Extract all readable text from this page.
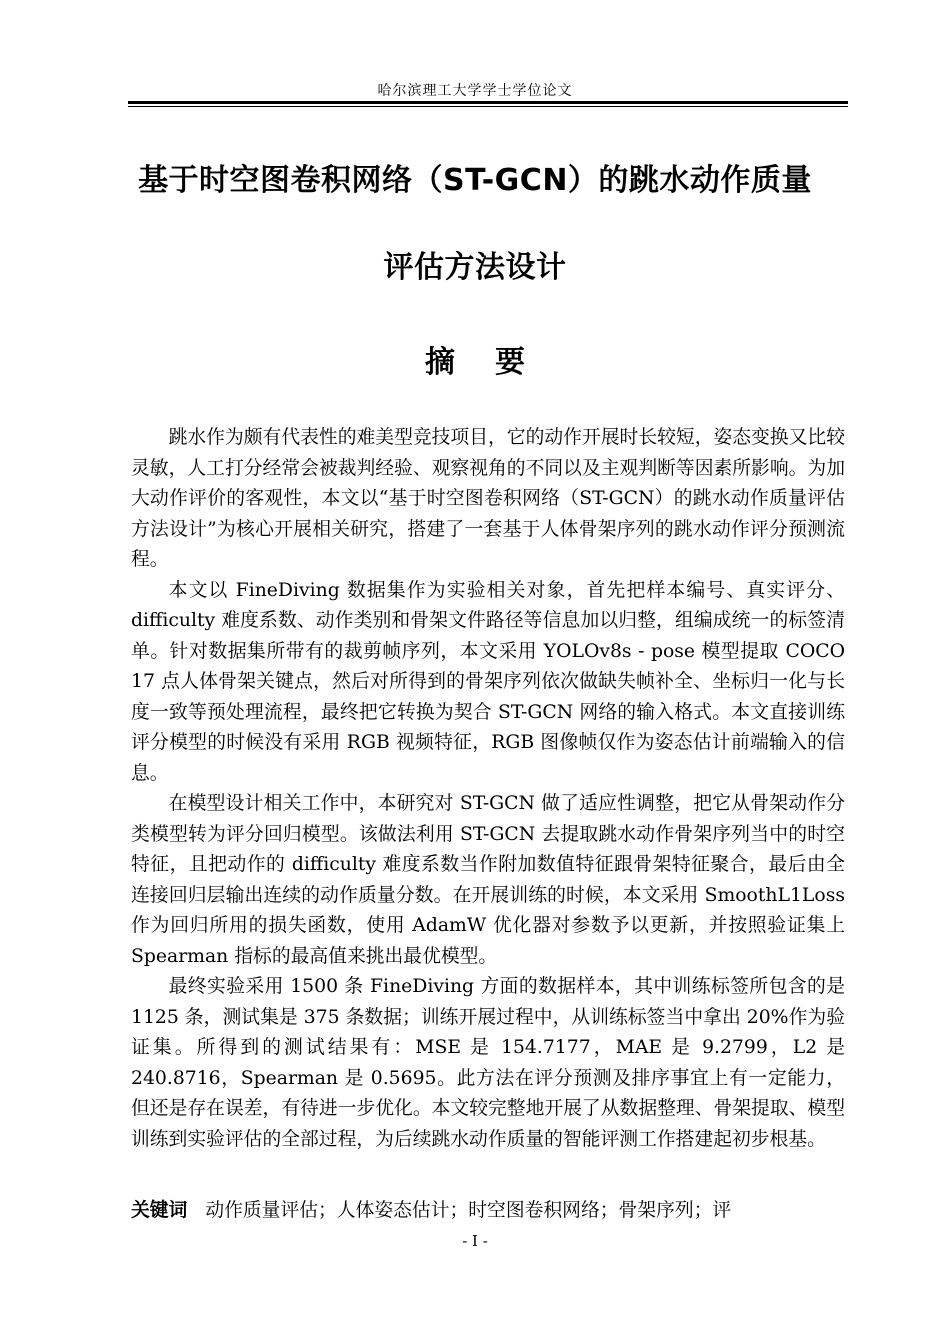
哈尔滨理工大学学士学位论文
基于时空图卷积网络（ST-GCN）的跳水动作质量
评估方法设计
摘要

跳水作为颇有代表性的难美型竞技项目，它的动作开展时长较短，姿态变换又比较灵敏，人工打分经常会被裁判经验、观察视角的不同以及主观判断等因素所影响。为加大动作评价的客观性，本文以“基于时空图卷积网络（ST-GCN）的跳水动作质量评估方法设计”为核心开展相关研究，搭建了一套基于人体骨架序列的跳水动作评分预测流程。

本文以 FineDiving 数据集作为实验相关对象，首先把样本编号、真实评分、difficulty 难度系数、动作类别和骨架文件路径等信息加以归整，组编成统一的标签清单。针对数据集所带有的裁剪帧序列，本文采用 YOLOv8s - pose 模型提取 COCO 17 点人体骨架关键点，然后对所得到的骨架序列依次做缺失帧补全、坐标归一化与长度一致等预处理流程，最终把它转换为契合 ST-GCN 网络的输入格式。本文直接训练评分模型的时候没有采用 RGB 视频特征，RGB 图像帧仅作为姿态估计前端输入的信息。

在模型设计相关工作中，本研究对 ST-GCN 做了适应性调整，把它从骨架动作分类模型转为评分回归模型。该做法利用 ST-GCN 去提取跳水动作骨架序列当中的时空特征，且把动作的 difficulty 难度系数当作附加数值特征跟骨架特征聚合，最后由全连接回归层输出连续的动作质量分数。在开展训练的时候，本文采用 SmoothL1Loss 作为回归所用的损失函数，使用 AdamW 优化器对参数予以更新，并按照验证集上 Spearman 指标的最高值来挑出最优模型。

最终实验采用 1500 条 FineDiving 方面的数据样本，其中训练标签所包含的是 1125 条，测试集是 375 条数据；训练开展过程中，从训练标签当中拿出 20%作为验证集。所得到的测试结果有：MSE 是 154.7177，MAE 是 9.2799，L2 是 240.8716，Spearman 是 0.5695。此方法在评分预测及排序事宜上有一定能力，但还是存在误差，有待进一步优化。本文较完整地开展了从数据整理、骨架提取、模型训练到实验评估的全部过程，为后续跳水动作质量的智能评测工作搭建起初步根基。

关键词 动作质量评估；人体姿态估计；时空图卷积网络；骨架序列；评
- I -
